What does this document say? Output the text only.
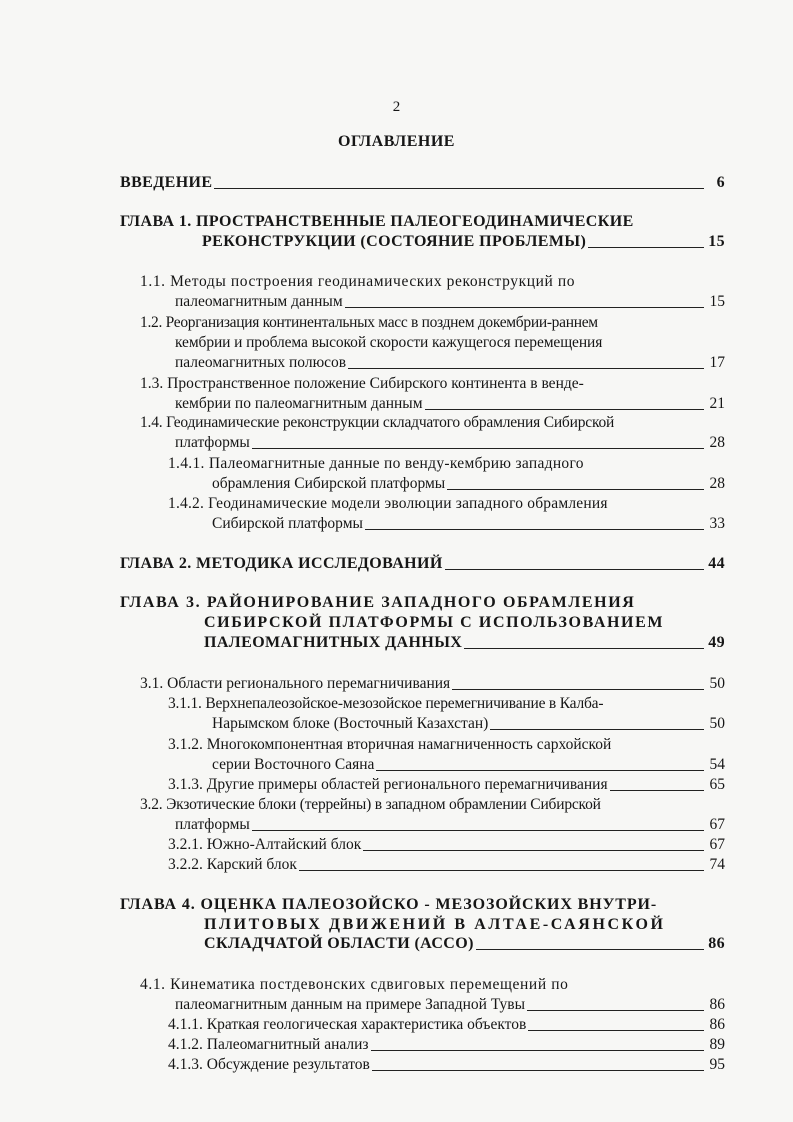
2
ОГЛАВЛЕНИЕ
ВВЕДЕНИЕ	6
ГЛАВА 1. ПРОСТРАНСТВЕННЫЕ ПАЛЕОГЕОДИНАМИЧЕСКИЕ
РЕКОНСТРУКЦИИ (СОСТОЯНИЕ ПРОБЛЕМЫ)	15
1.1. Методы построения геодинамических реконструкций по
палеомагнитным данным	15
1.2. Реорганизация континентальных масс в позднем докембрии-раннем
кембрии и проблема высокой скорости кажущегося перемещения
палеомагнитных полюсов	17
1.3. Пространственное положение Сибирского континента в венде-
кембрии по палеомагнитным данным	21
1.4. Геодинамические реконструкции складчатого обрамления Сибирской
платформы	28
1.4.1. Палеомагнитные данные по венду-кембрию западного
обрамления Сибирской платформы	28
1.4.2. Геодинамические модели эволюции западного обрамления
Сибирской платформы	33
ГЛАВА 2. МЕТОДИКА ИССЛЕДОВАНИЙ	44
ГЛАВА 3. РАЙОНИРОВАНИЕ ЗАПАДНОГО ОБРАМЛЕНИЯ
СИБИРСКОЙ ПЛАТФОРМЫ С ИСПОЛЬЗОВАНИЕМ
ПАЛЕОМАГНИТНЫХ ДАННЫХ	49
3.1. Области регионального перемагничивания	50
3.1.1. Верхнепалеозойское-мезозойское перемегничивание в Калба-
Нарымском блоке (Восточный Казахстан)	50
3.1.2. Многокомпонентная вторичная намагниченность сархойской
серии Восточного Саяна	54
3.1.3. Другие примеры областей регионального перемагничивания	65
3.2. Экзотические блоки (террейны) в западном обрамлении Сибирской
платформы	67
3.2.1. Южно-Алтайский блок	67
3.2.2. Карский блок	74
ГЛАВА 4. ОЦЕНКА ПАЛЕОЗОЙСКО - МЕЗОЗОЙСКИХ ВНУТРИ-
ПЛИТОВЫХ ДВИЖЕНИЙ В АЛТАЕ-САЯНСКОЙ
СКЛАДЧАТОЙ ОБЛАСТИ (АССО)	86
4.1. Кинематика постдевонских сдвиговых перемещений по
палеомагнитным данным на примере Западной Тувы	86
4.1.1. Краткая геологическая характеристика объектов	86
4.1.2. Палеомагнитный анализ	89
4.1.3. Обсуждение результатов	95
